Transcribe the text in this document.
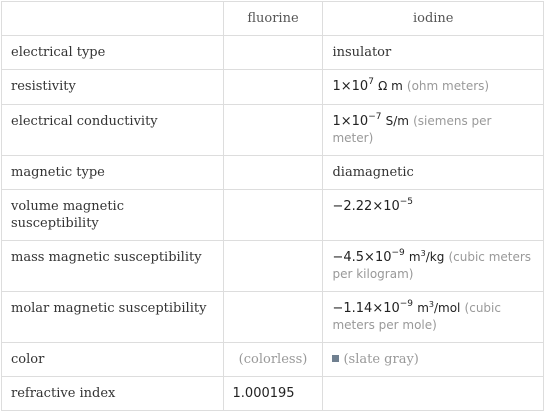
	fluorine	iodine
electrical type		insulator
resistivity		$1\times 10^7$ Ω m (ohm meters)
electrical conductivity		$1\times 10^{-7}$ S/m (siemens per meter)
magnetic type		diamagnetic
volume magnetic susceptibility		$-2.22\times 10^{-5}$
mass magnetic susceptibility		$-4.5\times 10^{-9}$ $m^3/kg$ (cubic meters per kilogram)
molar magnetic susceptibility		$-1.14\times 10^{-9}$ $m^3$/mol (cubic meters per mole)
color	(colorless)	(slate gray)
refractive index	1.000195	
